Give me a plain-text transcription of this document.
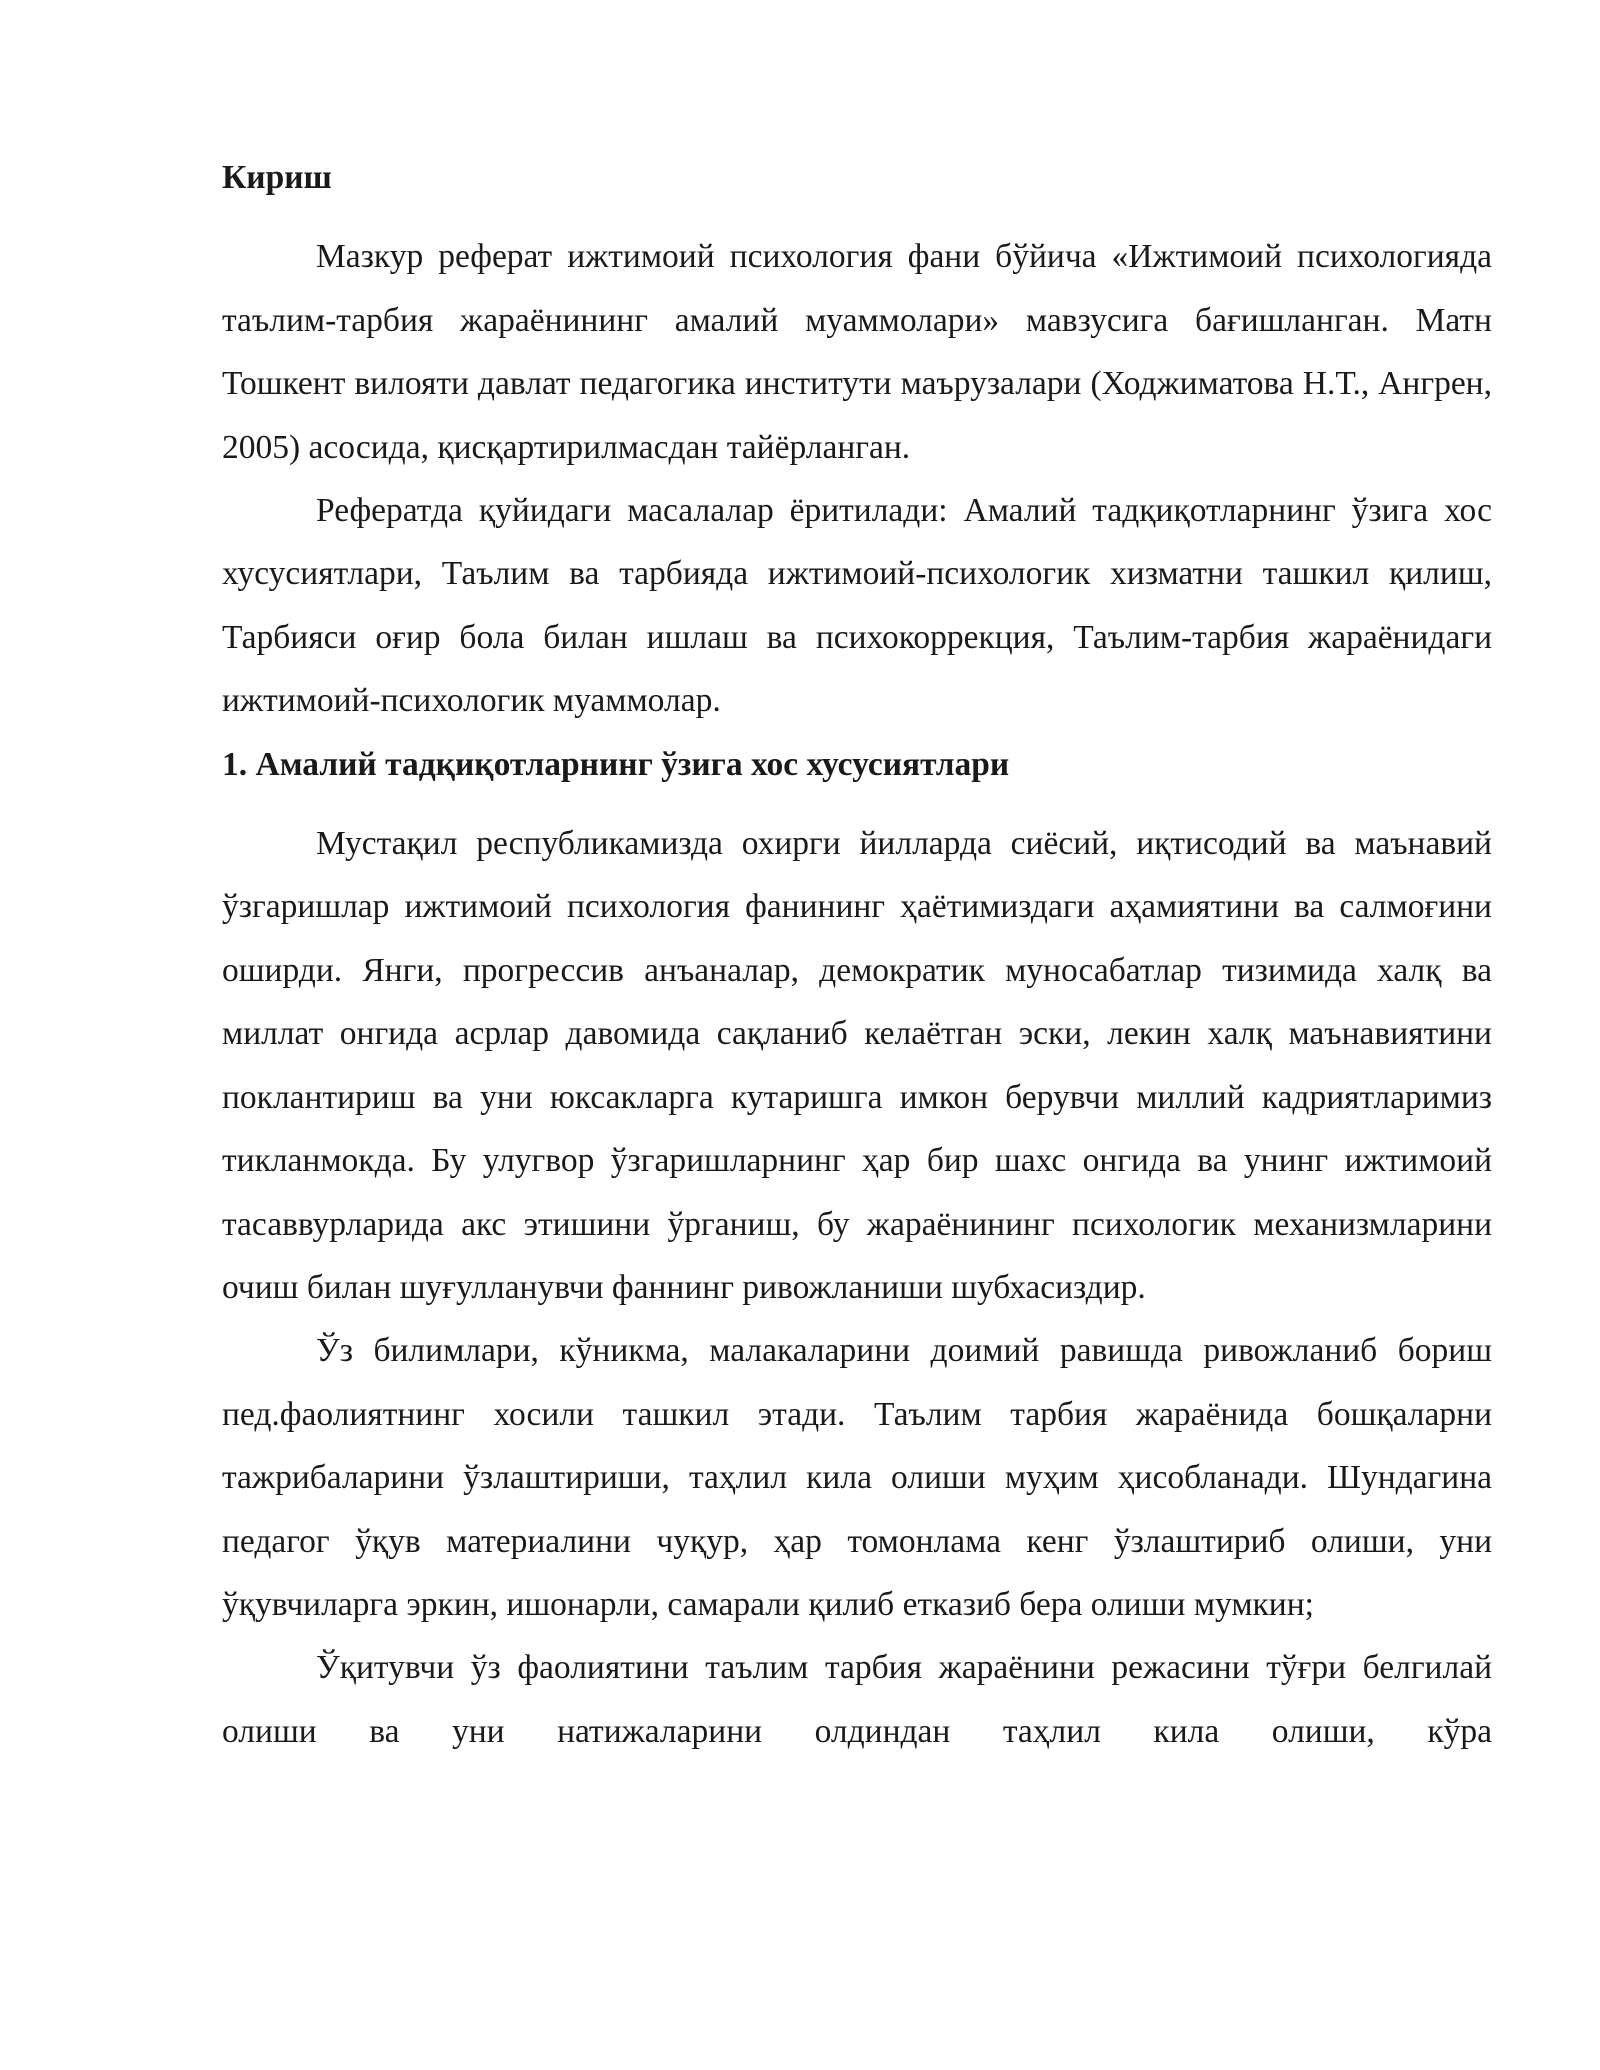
Кириш

Мазкур реферат ижтимоий психология фани бўйича «Ижтимоий психологияда таълим-тарбия жараёнининг амалий муаммолари» мавзусига бағишланган. Матн Тошкент вилояти давлат педагогика институти маърузалари (Ходжиматова Н.Т., Ангрен, 2005) асосида, қисқартирилмасдан тайёрланган.

Рефератда қуйидаги масалалар ёритилади: Амалий тадқиқотларнинг ўзига хос хусусиятлари, Таълим ва тарбияда ижтимоий-психологик хизматни ташкил қилиш, Тарбияси оғир бола билан ишлаш ва психокоррекция, Таълим-тарбия жараёнидаги ижтимоий-психологик муаммолар.

1. Амалий тадқиқотларнинг ўзига хос хусусиятлари

Мустақил республикамизда охирги йилларда сиёсий, иқтисодий ва маънавий ўзгаришлар ижтимоий психология фанининг ҳаётимиздаги аҳамиятини ва салмоғини оширди. Янги, прогрессив анъаналар, демократик муносабатлар тизимида халқ ва миллат онгида асрлар давомида сақланиб келаётган эски, лекин халқ маънавиятини поклантириш ва уни юксакларга кутаришга имкон берувчи миллий кадриятларимиз тикланмокда. Бу улугвор ўзгаришларнинг ҳар бир шахс онгида ва унинг ижтимоий тасаввурларида акс этишини ўрганиш, бу жараёнининг психологик механизмларини очиш билан шуғулланувчи фаннинг ривожланиши шубхасиздир.

Ўз билимлари, кўникма, малакаларини доимий равишда ривожланиб бориш пед.фаолиятнинг хосили ташкил этади. Таълим тарбия жараёнида бошқаларни тажрибаларини ўзлаштириши, таҳлил кила олиши муҳим ҳисобланади. Шундагина педагог ўқув материалини чуқур, ҳар томонлама кенг ўзлаштириб олиши, уни ўқувчиларга эркин, ишонарли, самарали қилиб етказиб бера олиши мумкин;

Ўқитувчи ўз фаолиятини таълим тарбия жараёнини режасини тўғри белгилай олиши ва уни натижаларини олдиндан таҳлил кила олиши, кўра
